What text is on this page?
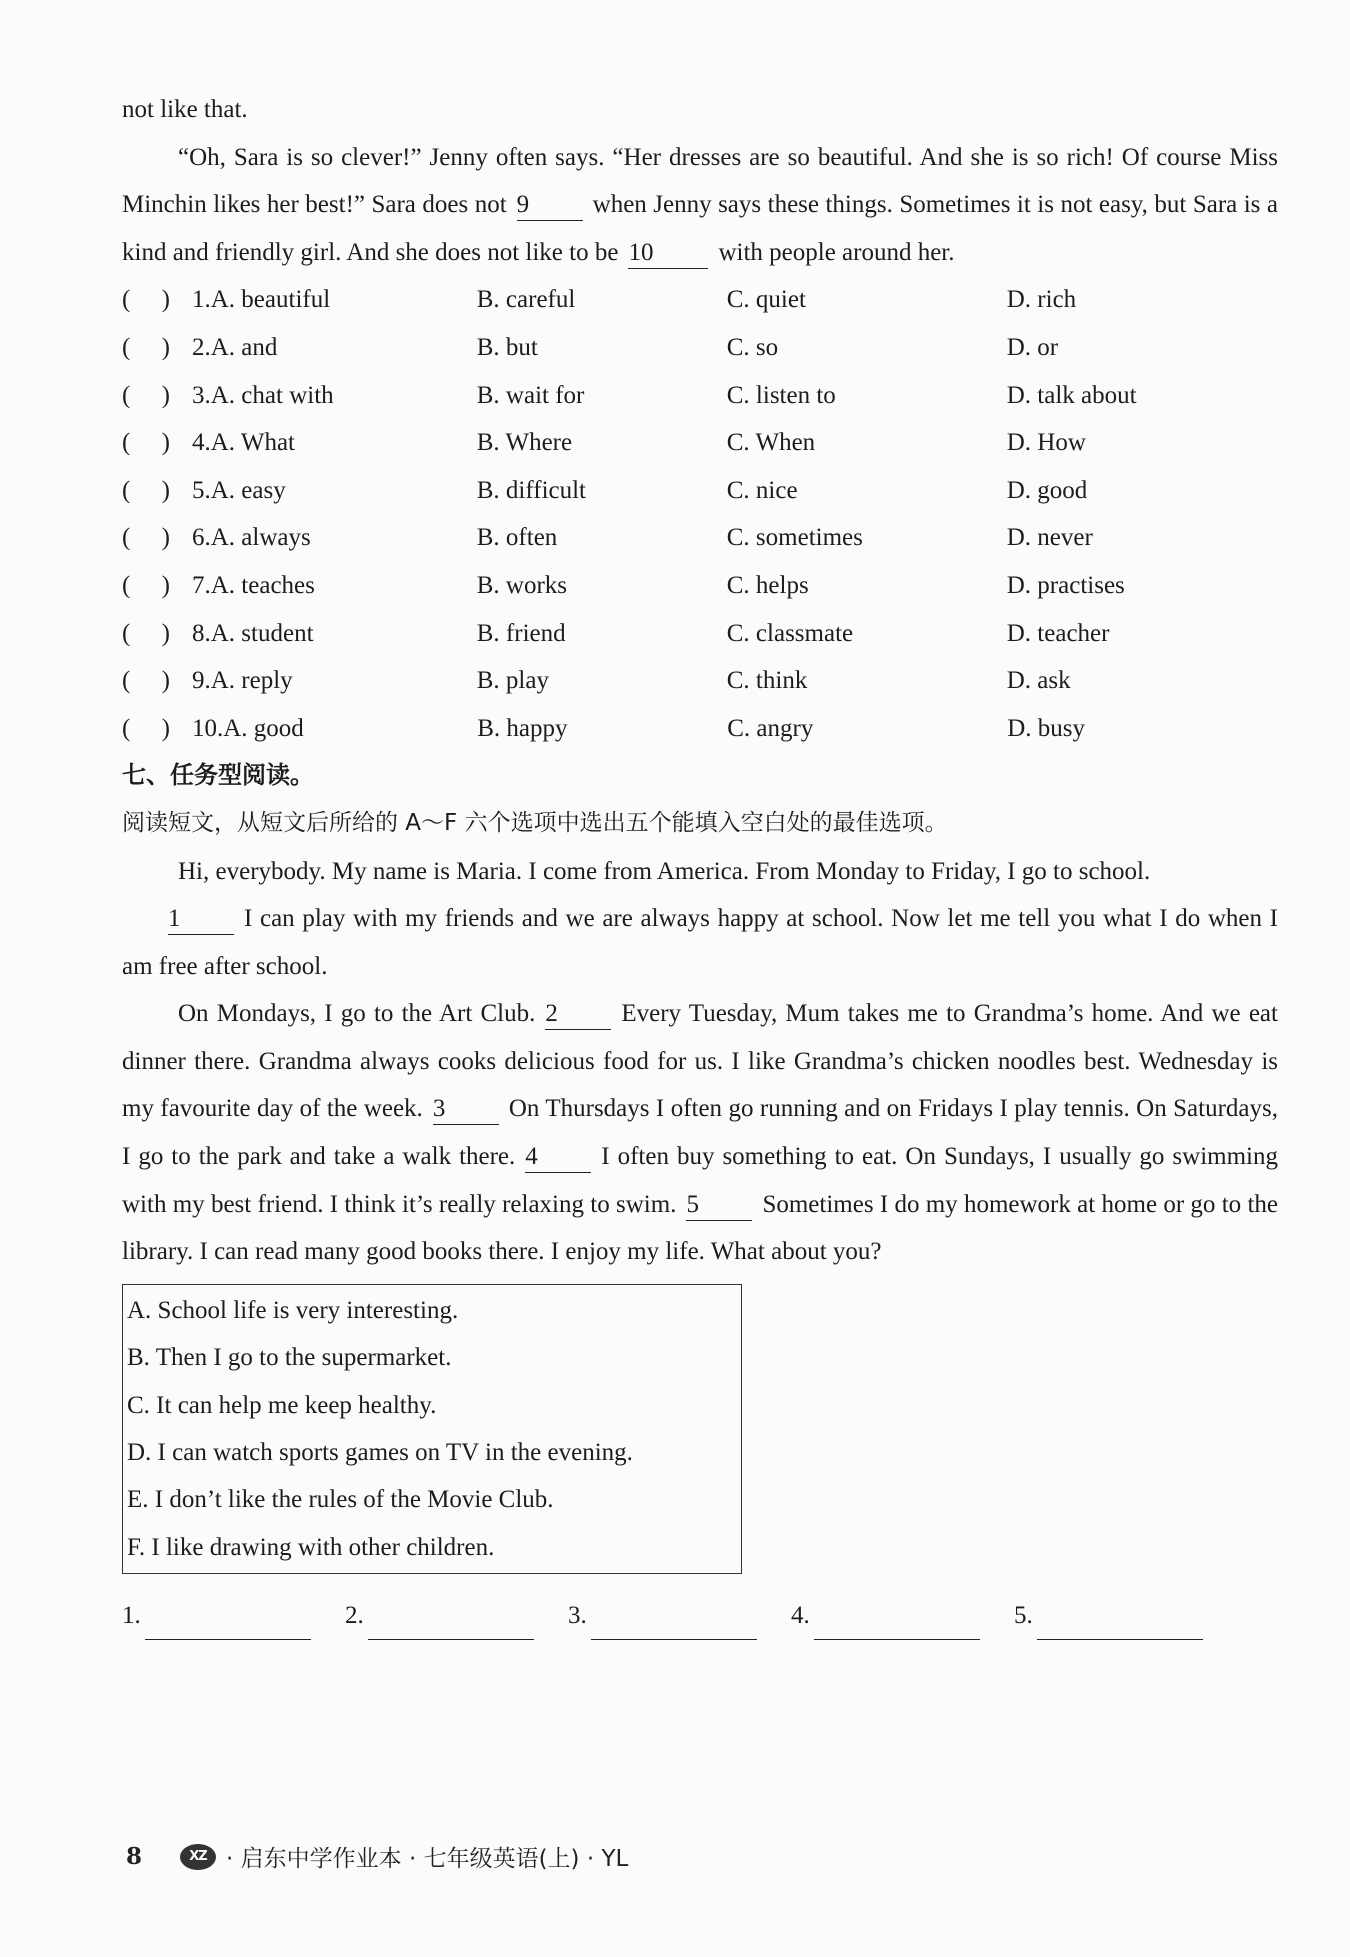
not like that.

“Oh, Sara is so clever!” Jenny often says. “Her dresses are so beautiful. And she is so rich! Of course Miss Minchin likes her best!” Sara does not 9	when Jenny says these things. Sometimes it is not easy, but Sara is a kind and friendly girl. And she does not like to be 10	with people around her.

(     ) 1. A. beautiful	B. careful	C. quiet	D. rich
(     ) 2. A. and	B. but	C. so	D. or
(     ) 3. A. chat with	B. wait for	C. listen to	D. talk about
(     ) 4. A. What	B. Where	C. When	D. How
(     ) 5. A. easy	B. difficult	C. nice	D. good
(     ) 6. A. always	B. often	C. sometimes	D. never
(     ) 7. A. teaches	B. works	C. helps	D. practises
(     ) 8. A. student	B. friend	C. classmate	D. teacher
(     ) 9. A. reply	B. play	C. think	D. ask
(     ) 10. A. good	B. happy	C. angry	D. busy

七、任务型阅读。

阅读短文，从短文后所给的 A～F 六个选项中选出五个能填入空白处的最佳选项。

Hi, everybody. My name is Maria. I come from America. From Monday to Friday, I go to school.

1	I can play with my friends and we are always happy at school. Now let me tell you what I do when I am free after school.

On Mondays, I go to the Art Club. 2	Every Tuesday, Mum takes me to Grandma’s home. And we eat dinner there. Grandma always cooks delicious food for us. I like Grandma’s chicken noodles best. Wednesday is my favourite day of the week. 3	On Thursdays I often go running and on Fridays I play tennis. On Saturdays, I go to the park and take a walk there. 4	I often buy something to eat. On Sundays, I usually go swimming with my best friend. I think it’s really relaxing to swim. 5	Sometimes I do my homework at home or go to the library. I can read many good books there. I enjoy my life. What about you?

A. School life is very interesting.
B. Then I go to the supermarket.
C. It can help me keep healthy.
D. I can watch sports games on TV in the evening.
E. I don’t like the rules of the Movie Club.
F. I like drawing with other children.
1.	2.	3.	4.	5.
8	XZ · 启东中学作业本 · 七年级英语(上) · YL
